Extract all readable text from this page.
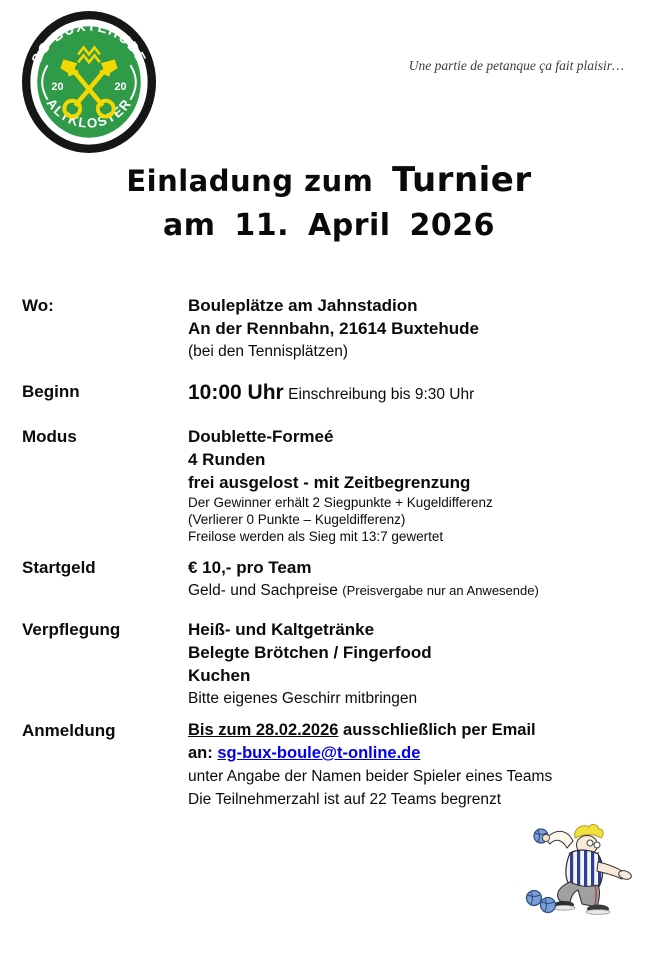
SG BUXTEHUDE
ALTKLOSTER
20	20
Une partie de petanque ça fait plaisir…
Einladung zum Turnier
am 11. April 2026
Wo:	Bouleplätze am Jahnstadion
An der Rennbahn, 21614 Buxtehude
(bei den Tennisplätzen)
Beginn	10:00 Uhr Einschreibung bis 9:30 Uhr
Modus	Doublette-Formeé
4 Runden
frei ausgelost - mit Zeitbegrenzung
Der Gewinner erhält 2 Siegpunkte + Kugeldifferenz
(Verlierer 0 Punkte – Kugeldifferenz)
Freilose werden als Sieg mit 13:7 gewertet
Startgeld	€ 10,- pro Team
Geld- und Sachpreise (Preisvergabe nur an Anwesende)
Verpflegung	Heiß- und Kaltgetränke
Belegte Brötchen / Fingerfood
Kuchen
Bitte eigenes Geschirr mitbringen
Anmeldung	Bis zum 28.02.2026 ausschließlich per Email
an: sg-bux-boule@t-online.de
unter Angabe der Namen beider Spieler eines Teams
Die Teilnehmerzahl ist auf 22 Teams begrenzt
